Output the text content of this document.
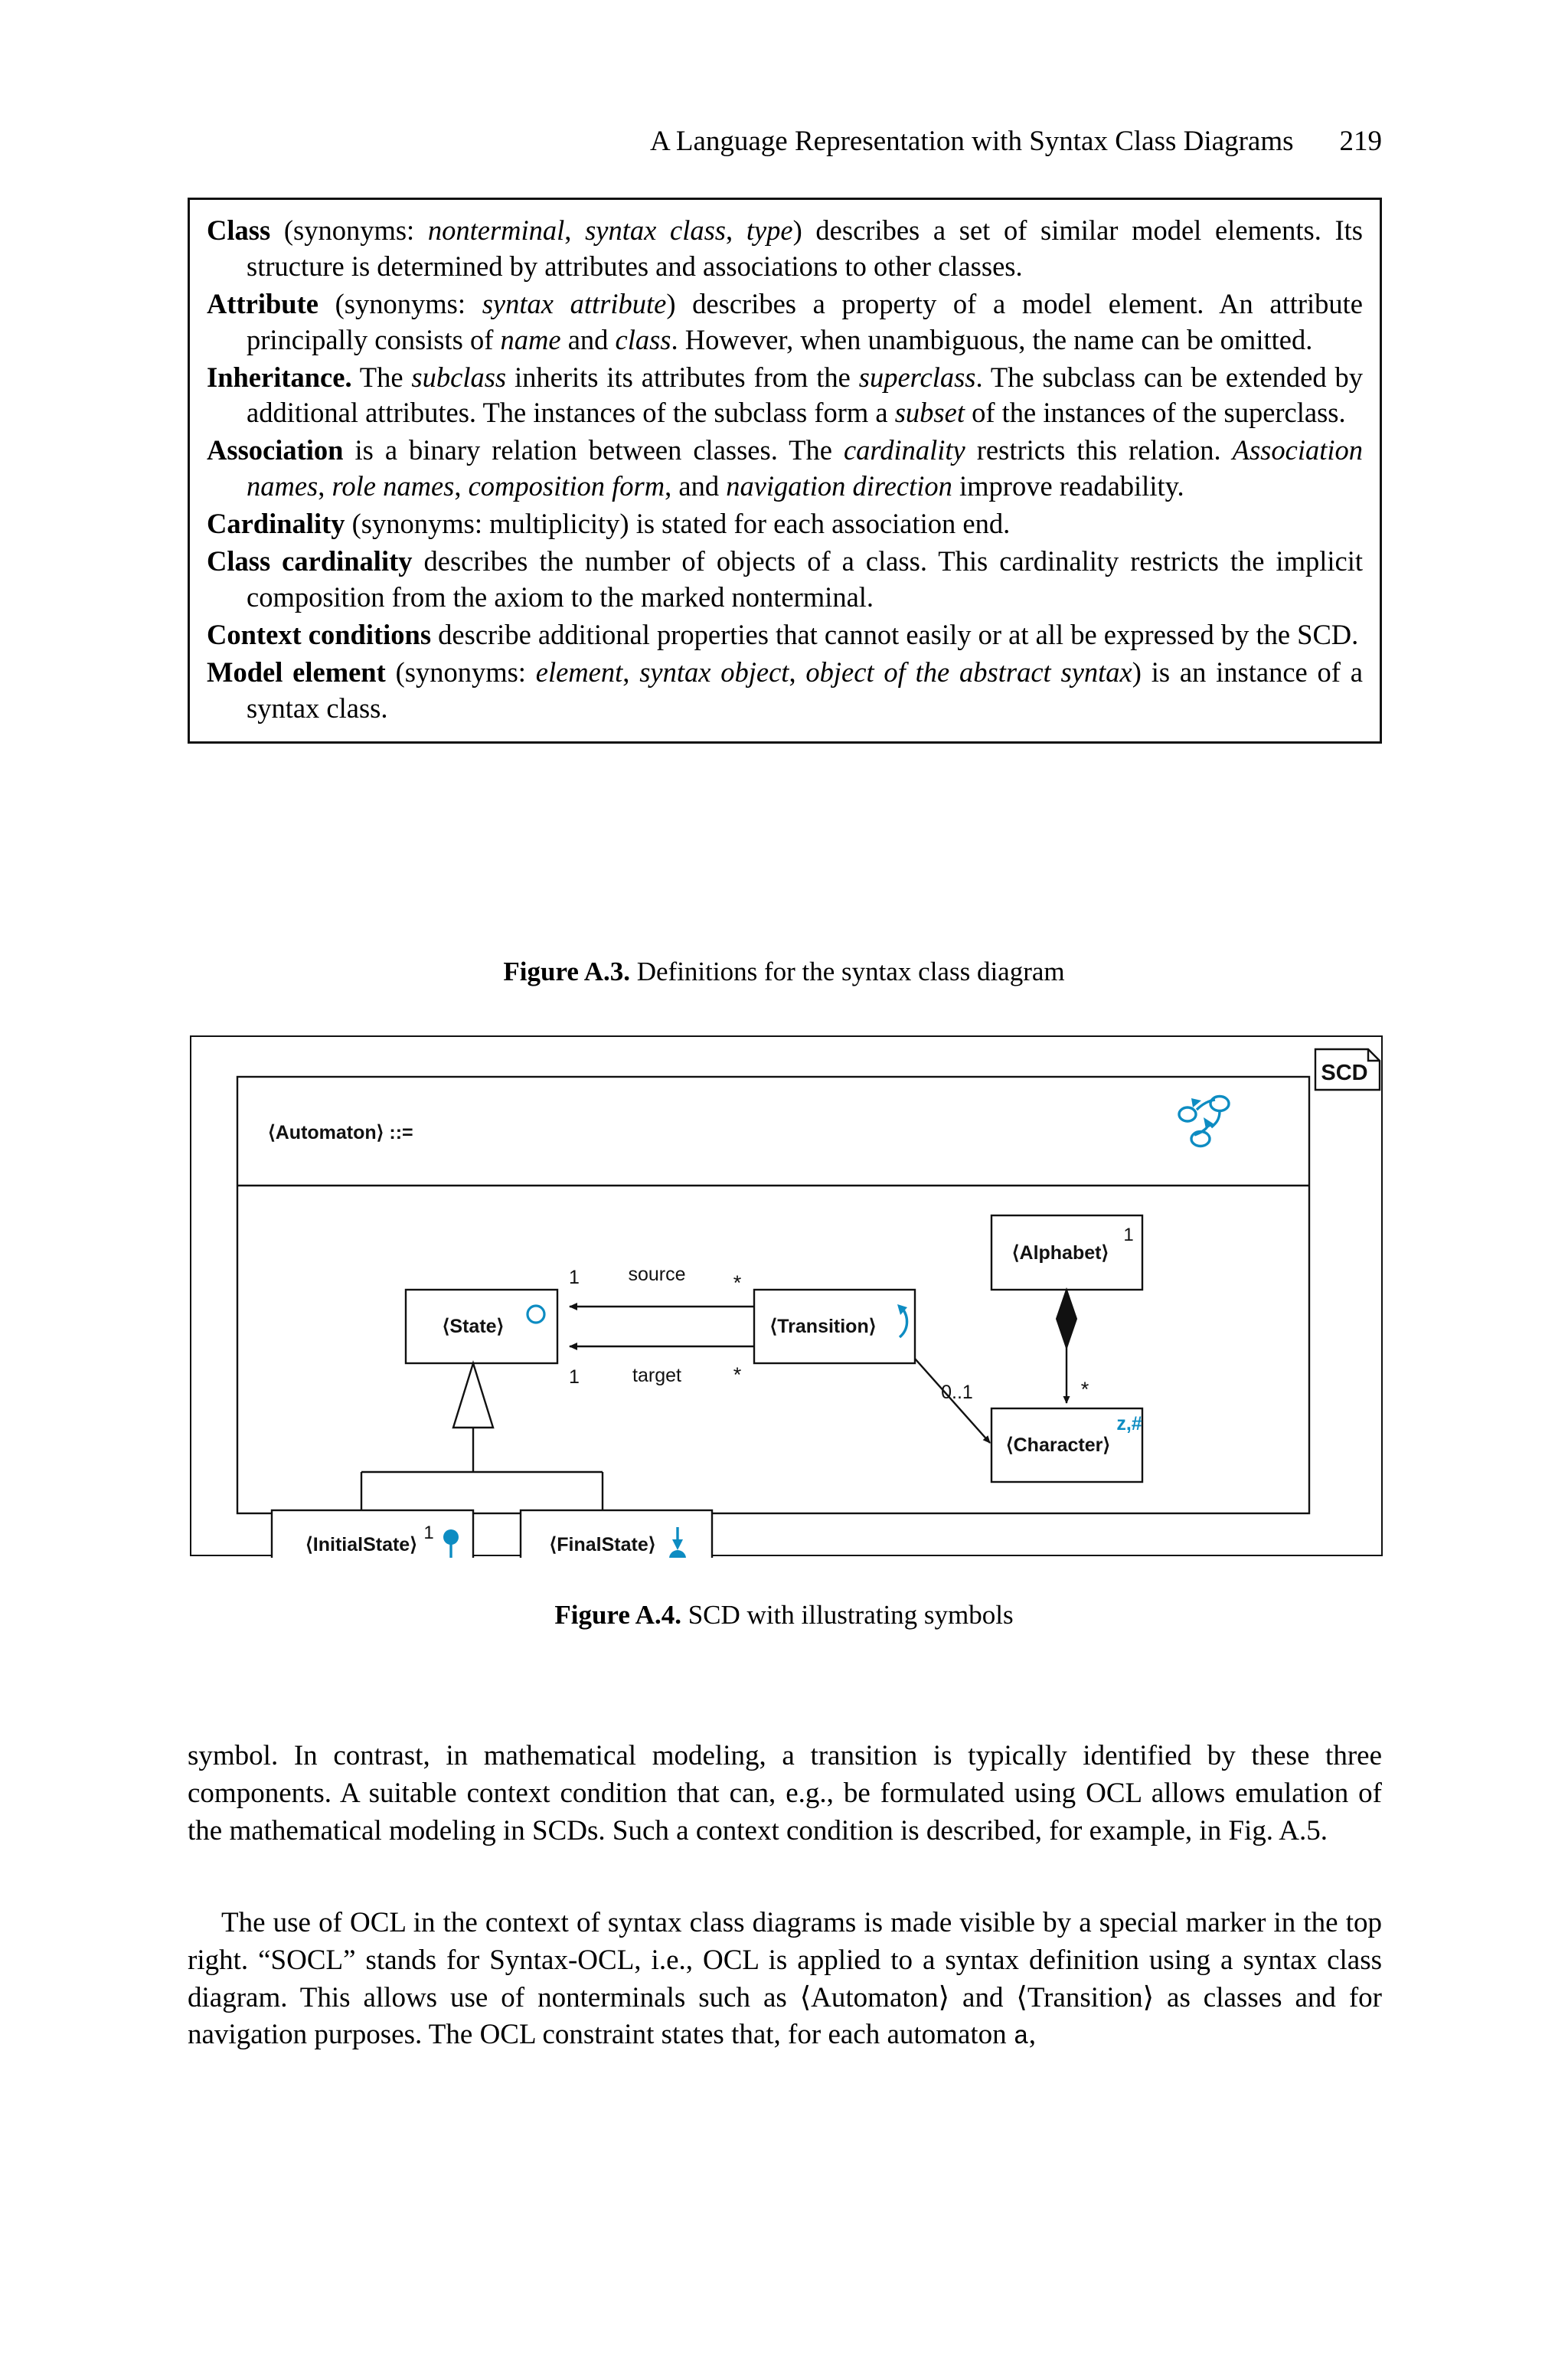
A Language Representation with Syntax Class Diagrams 219

Class (synonyms: nonterminal, syntax class, type) describes a set of similar model elements. Its structure is determined by attributes and associations to other classes.

Attribute (synonyms: syntax attribute) describes a property of a model element. An attribute principally consists of name and class. However, when unambiguous, the name can be omitted.

Inheritance. The subclass inherits its attributes from the superclass. The subclass can be extended by additional attributes. The instances of the subclass form a subset of the instances of the superclass.

Association is a binary relation between classes. The cardinality restricts this relation. Association names, role names, composition form, and navigation direction improve readability.

Cardinality (synonyms: multiplicity) is stated for each association end.

Class cardinality describes the number of objects of a class. This cardinality restricts the implicit composition from the axiom to the marked nonterminal.

Context conditions describe additional properties that cannot easily or at all be expressed by the SCD.

Model element (synonyms: element, syntax object, object of the abstract syntax) is an instance of a syntax class.

Figure A.3. Definitions for the syntax class diagram
⟨Automaton⟩ ::=
⟨Alphabet⟩
1
⟨State⟩	⟨Transition⟩
⟨Character⟩
z,#
⟨InitialState⟩
1
⟨FinalState⟩
source
1	*
target
1	*
0..1	*
SCD
Figure A.4. SCD with illustrating symbols

symbol. In contrast, in mathematical modeling, a transition is typically identified by these three components. A suitable context condition that can, e.g., be formulated using OCL allows emulation of the mathematical modeling in SCDs. Such a context condition is described, for example, in Fig. A.5.

The use of OCL in the context of syntax class diagrams is made visible by a special marker in the top right. “SOCL” stands for Syntax-OCL, i.e., OCL is applied to a syntax definition using a syntax class diagram. This allows use of nonterminals such as ⟨Automaton⟩ and ⟨Transition⟩ as classes and for navigation purposes. The OCL constraint states that, for each automaton a,
